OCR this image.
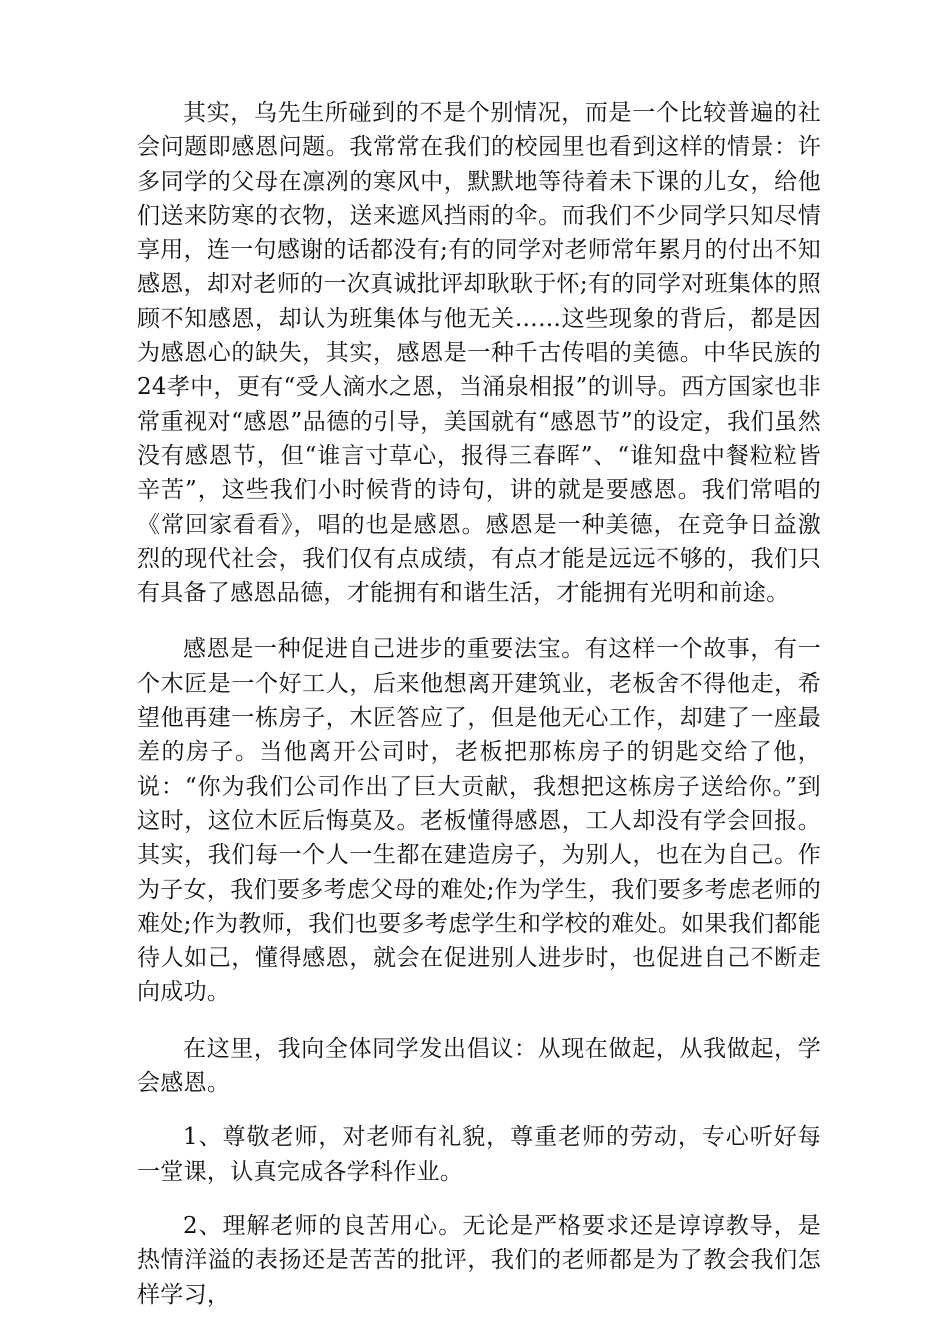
其实，乌先生所碰到的不是个别情况，而是一个比较普遍的社会问题即感恩问题。我常常在我们的校园里也看到这样的情景：许多同学的父母在凛冽的寒风中，默默地等待着未下课的儿女，给他们送来防寒的衣物，送来遮风挡雨的伞。而我们不少同学只知尽情享用，连一句感谢的话都没有;有的同学对老师常年累月的付出不知感恩，却对老师的一次真诚批评却耿耿于怀;有的同学对班集体的照顾不知感恩，却认为班集体与他无关……这些现象的背后，都是因为感恩心的缺失，其实，感恩是一种千古传唱的美德。中华民族的24孝中，更有“受人滴水之恩，当涌泉相报”的训导。西方国家也非常重视对“感恩”品德的引导，美国就有“感恩节”的设定，我们虽然没有感恩节，但“谁言寸草心，报得三春晖”、“谁知盘中餐粒粒皆辛苦”，这些我们小时候背的诗句，讲的就是要感恩。我们常唱的《常回家看看》，唱的也是感恩。感恩是一种美德，在竞争日益激烈的现代社会，我们仅有点成绩，有点才能是远远不够的，我们只有具备了感恩品德，才能拥有和谐生活，才能拥有光明和前途。

感恩是一种促进自己进步的重要法宝。有这样一个故事，有一个木匠是一个好工人，后来他想离开建筑业，老板舍不得他走，希望他再建一栋房子，木匠答应了，但是他无心工作，却建了一座最差的房子。当他离开公司时，老板把那栋房子的钥匙交给了他，说：“你为我们公司作出了巨大贡献，我想把这栋房子送给你。”到这时，这位木匠后悔莫及。老板懂得感恩，工人却没有学会回报。其实，我们每一个人一生都在建造房子，为别人，也在为自己。作为子女，我们要多考虑父母的难处;作为学生，我们要多考虑老师的难处;作为教师，我们也要多考虑学生和学校的难处。如果我们都能待人如己，懂得感恩，就会在促进别人进步时，也促进自己不断走向成功。

在这里，我向全体同学发出倡议：从现在做起，从我做起，学会感恩。

1、尊敬老师，对老师有礼貌，尊重老师的劳动，专心听好每一堂课，认真完成各学科作业。

2、理解老师的良苦用心。无论是严格要求还是谆谆教导，是热情洋溢的表扬还是苦苦的批评，我们的老师都是为了教会我们怎样学习，
